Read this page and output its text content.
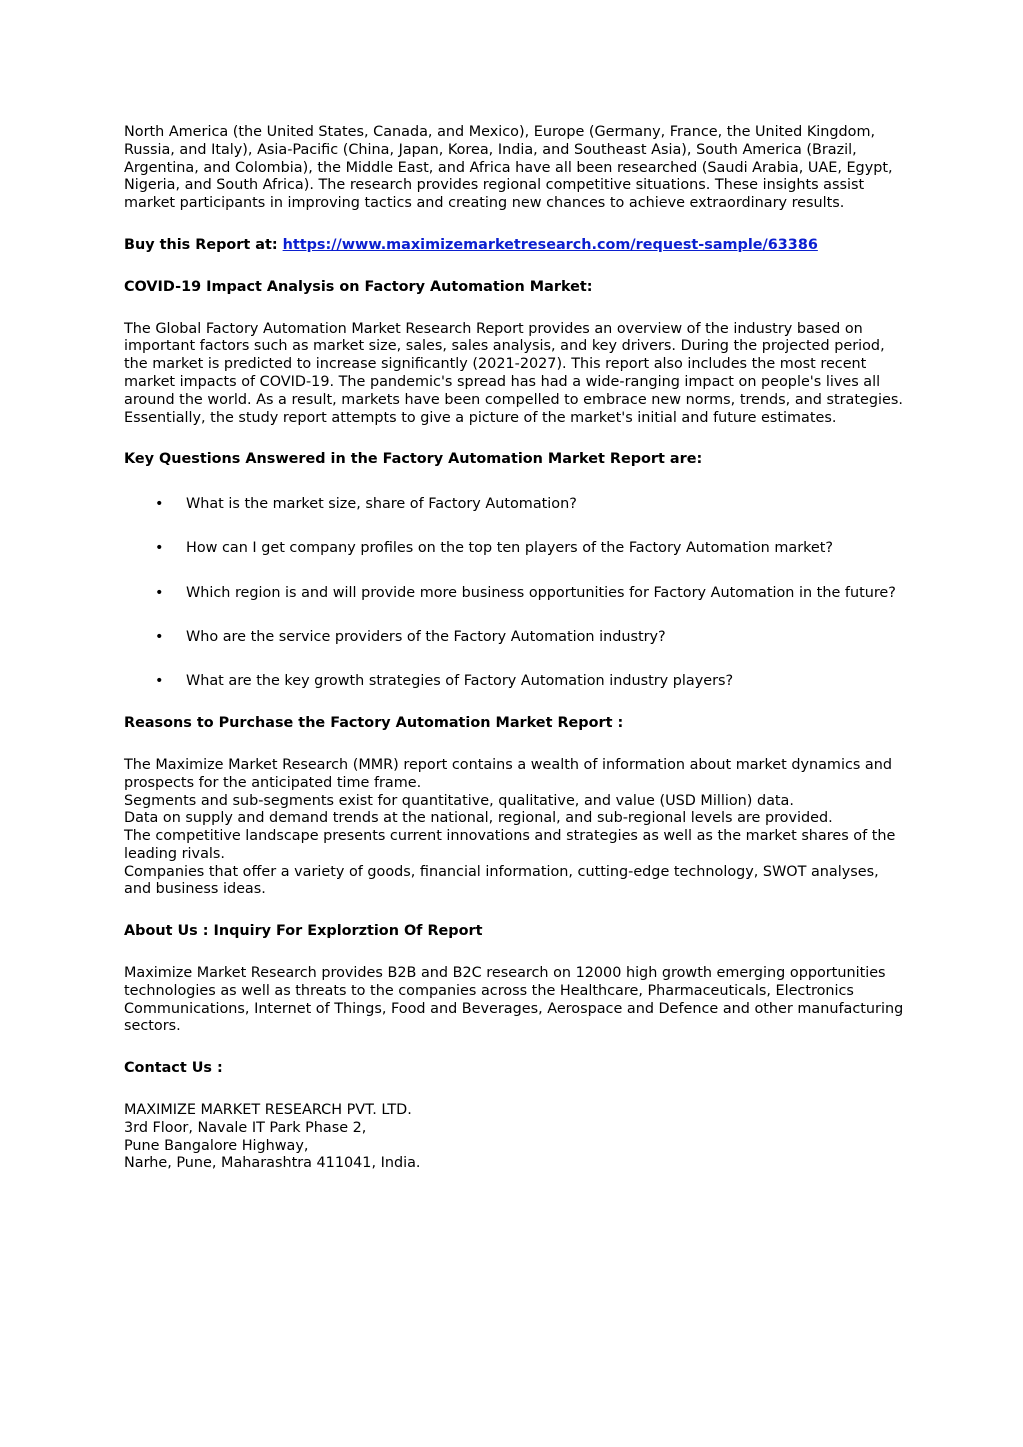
North America (the United States, Canada, and Mexico), Europe (Germany, France, the United Kingdom, Russia, and Italy), Asia-Pacific (China, Japan, Korea, India, and Southeast Asia), South America (Brazil, Argentina, and Colombia), the Middle East, and Africa have all been researched (Saudi Arabia, UAE, Egypt, Nigeria, and South Africa). The research provides regional competitive situations. These insights assist market participants in improving tactics and creating new chances to achieve extraordinary results.

Buy this Report at: https://www.maximizemarketresearch.com/request-sample/63386

COVID-19 Impact Analysis on Factory Automation Market:

The Global Factory Automation Market Research Report provides an overview of the industry based on important factors such as market size, sales, sales analysis, and key drivers. During the projected period, the market is predicted to increase significantly (2021-2027). This report also includes the most recent market impacts of COVID-19. The pandemic's spread has had a wide-ranging impact on people's lives all around the world. As a result, markets have been compelled to embrace new norms, trends, and strategies. Essentially, the study report attempts to give a picture of the market's initial and future estimates.

Key Questions Answered in the Factory Automation Market Report are:

• What is the market size, share of Factory Automation?
• How can I get company profiles on the top ten players of the Factory Automation market?
• Which region is and will provide more business opportunities for Factory Automation in the future?
• Who are the service providers of the Factory Automation industry?
• What are the key growth strategies of Factory Automation industry players?

Reasons to Purchase the Factory Automation Market Report :

The Maximize Market Research (MMR) report contains a wealth of information about market dynamics and prospects for the anticipated time frame.
Segments and sub-segments exist for quantitative, qualitative, and value (USD Million) data.
Data on supply and demand trends at the national, regional, and sub-regional levels are provided.
The competitive landscape presents current innovations and strategies as well as the market shares of the leading rivals.
Companies that offer a variety of goods, financial information, cutting-edge technology, SWOT analyses, and business ideas.

About Us : Inquiry For Explorztion Of Report

Maximize Market Research provides B2B and B2C research on 12000 high growth emerging opportunities technologies as well as threats to the companies across the Healthcare, Pharmaceuticals, Electronics Communications, Internet of Things, Food and Beverages, Aerospace and Defence and other manufacturing sectors.

Contact Us :

MAXIMIZE MARKET RESEARCH PVT. LTD.
3rd Floor, Navale IT Park Phase 2,
Pune Bangalore Highway,
Narhe, Pune, Maharashtra 411041, India.
